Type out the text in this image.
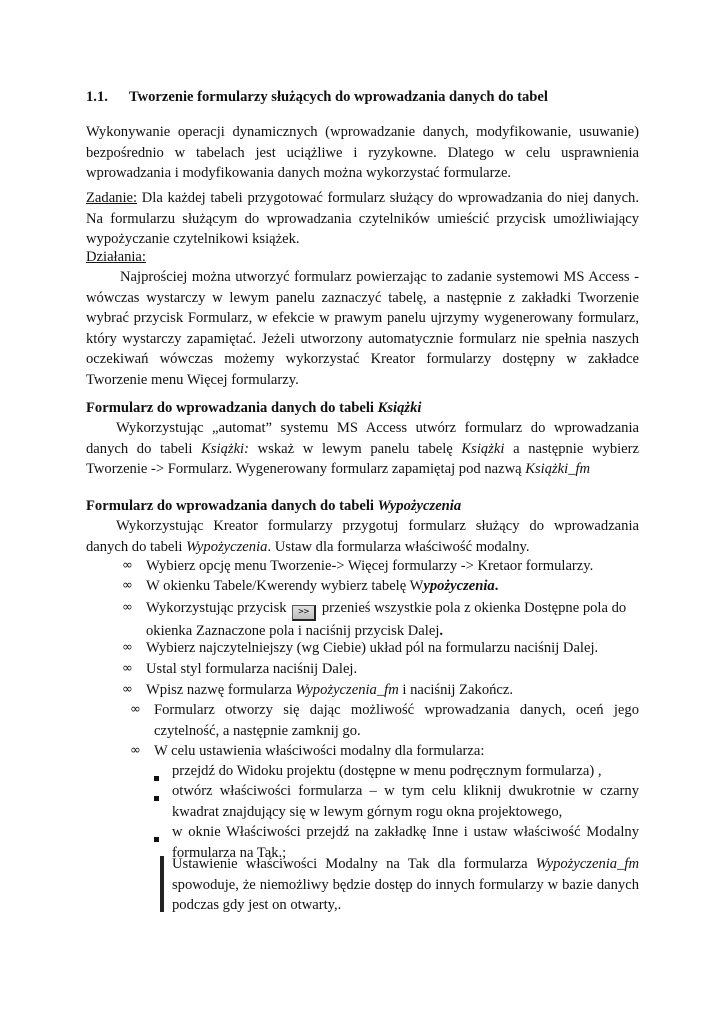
1.1. Tworzenie formularzy służących do wprowadzania danych do tabel
Wykonywanie operacji dynamicznych (wprowadzanie danych, modyfikowanie, usuwanie) bezpośrednio w tabelach jest uciążliwe i ryzykowne. Dlatego w celu usprawnienia wprowadzania i modyfikowania danych można wykorzystać formularze.
Zadanie: Dla każdej tabeli przygotować formularz służący do wprowadzania do niej danych. Na formularzu służącym do wprowadzania czytelników umieścić przycisk umożliwiający wypożyczanie czytelnikowi książek.
Działania:
Najprościej można utworzyć formularz powierzając to zadanie systemowi MS Access - wówczas wystarczy w lewym panelu zaznaczyć tabelę, a następnie z zakładki Tworzenie wybrać przycisk Formularz, w efekcie w prawym panelu ujrzymy wygenerowany formularz, który wystarczy zapamiętać. Jeżeli utworzony automatycznie formularz nie spełnia naszych oczekiwań wówczas możemy wykorzystać Kreator formularzy dostępny w zakładce Tworzenie menu Więcej formularzy.
Formularz do wprowadzania danych do tabeli Książki
Wykorzystując „automat” systemu MS Access utwórz formularz do wprowadzania danych do tabeli Książki: wskaż w lewym panelu tabelę Książki a następnie wybierz Tworzenie -> Formularz. Wygenerowany formularz zapamiętaj pod nazwą Książki_fm
Formularz do wprowadzania danych do tabeli Wypożyczenia
Wykorzystując Kreator formularzy przygotuj formularz służący do wprowadzania danych do tabeli Wypożyczenia. Ustaw dla formularza właściwość modalny.
∞ Wybierz opcję menu Tworzenie-> Więcej formularzy -> Kretaor formularzy.
∞ W okienku Tabele/Kwerendy wybierz tabelę Wypożyczenia.
∞ Wykorzystując przycisk >> przenieś wszystkie pola z okienka Dostępne pola do
okienka Zaznaczone pola i naciśnij przycisk Dalej.
∞ Wybierz najczytelniejszy (wg Ciebie) układ pól na formularzu naciśnij Dalej.
∞ Ustal styl formularza naciśnij Dalej.
∞ Wpisz nazwę formularza Wypożyczenia_fm i naciśnij Zakończ.
∞ Formularz otworzy się dając możliwość wprowadzania danych, oceń jego czytelność, a następnie zamknij go.
∞ W celu ustawienia właściwości modalny dla formularza:
przejdź do Widoku projektu (dostępne w menu podręcznym formularza) ,
otwórz właściwości formularza – w tym celu kliknij dwukrotnie w czarny kwadrat znajdujący się w lewym górnym rogu okna projektowego,
w oknie Właściwości przejdź na zakładkę Inne i ustaw właściwość Modalny formularza na Tak.;
Ustawienie właściwości Modalny na Tak dla formularza Wypożyczenia_fm spowoduje, że niemożliwy będzie dostęp do innych formularzy w bazie danych podczas gdy jest on otwarty,.
